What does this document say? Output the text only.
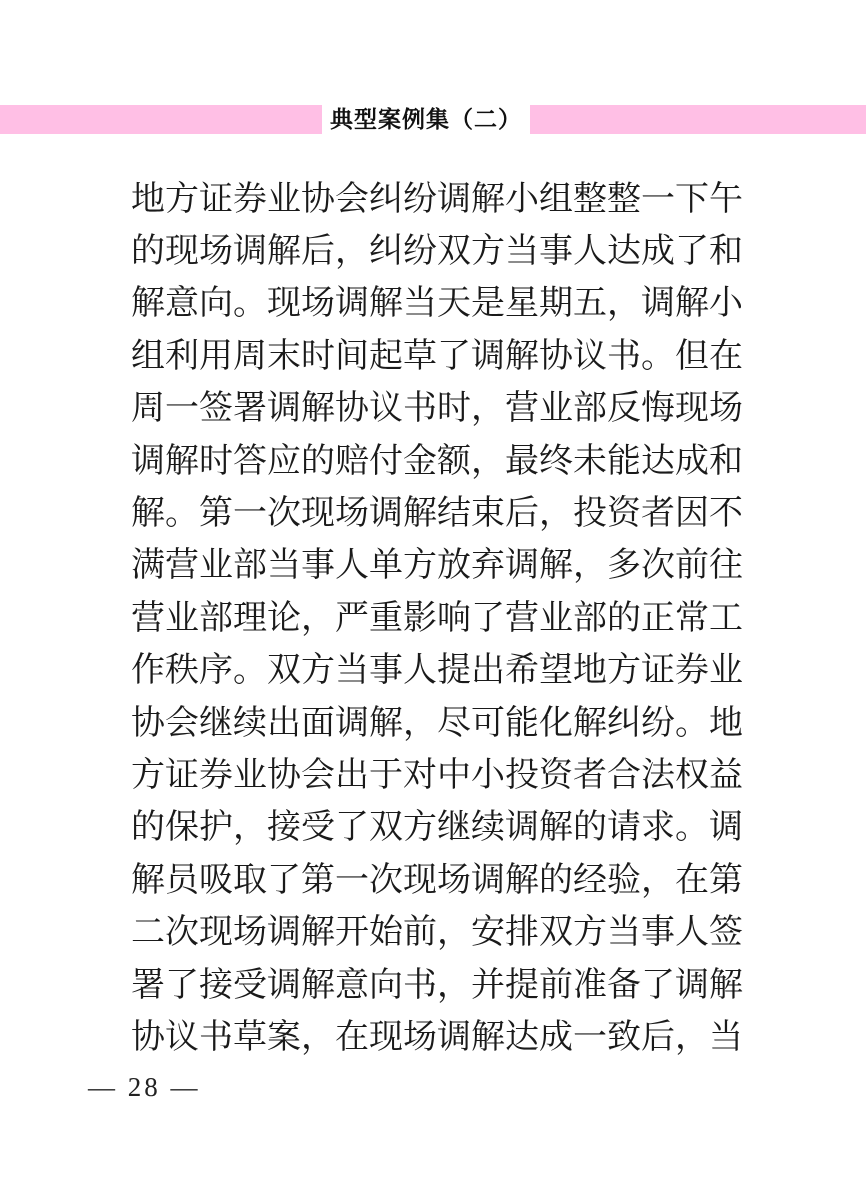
典型案例集（二）
地 方 证 券 业 协 会 纠 纷 调 解 小 组 整 整 一 下 午
的 现 场 调 解 后 ， 纠 纷 双 方 当 事 人 达 成 了 和
解 意 向 。 现 场 调 解 当 天 是 星 期 五 ， 调 解 小
组 利 用 周 末 时 间 起 草 了 调 解 协 议 书 。 但 在
周 一 签 署 调 解 协 议 书 时 ， 营 业 部 反 悔 现 场
调 解 时 答 应 的 赔 付 金 额 ， 最 终 未 能 达 成 和
解 。 第 一 次 现 场 调 解 结 束 后 ， 投 资 者 因 不
满 营 业 部 当 事 人 单 方 放 弃 调 解 ， 多 次 前 往
营 业 部 理 论 ， 严 重 影 响 了 营 业 部 的 正 常 工
作 秩 序 。 双 方 当 事 人 提 出 希 望 地 方 证 券 业
协 会 继 续 出 面 调 解 ， 尽 可 能 化 解 纠 纷 。 地
方 证 券 业 协 会 出 于 对 中 小 投 资 者 合 法 权 益
的 保 护 ， 接 受 了 双 方 继 续 调 解 的 请 求 。 调
解 员 吸 取 了 第 一 次 现 场 调 解 的 经 验 ， 在 第
二 次 现 场 调 解 开 始 前 ， 安 排 双 方 当 事 人 签
署 了 接 受 调 解 意 向 书 ， 并 提 前 准 备 了 调 解
协 议 书 草 案 ， 在 现 场 调 解 达 成 一 致 后 ， 当
— 28 —
